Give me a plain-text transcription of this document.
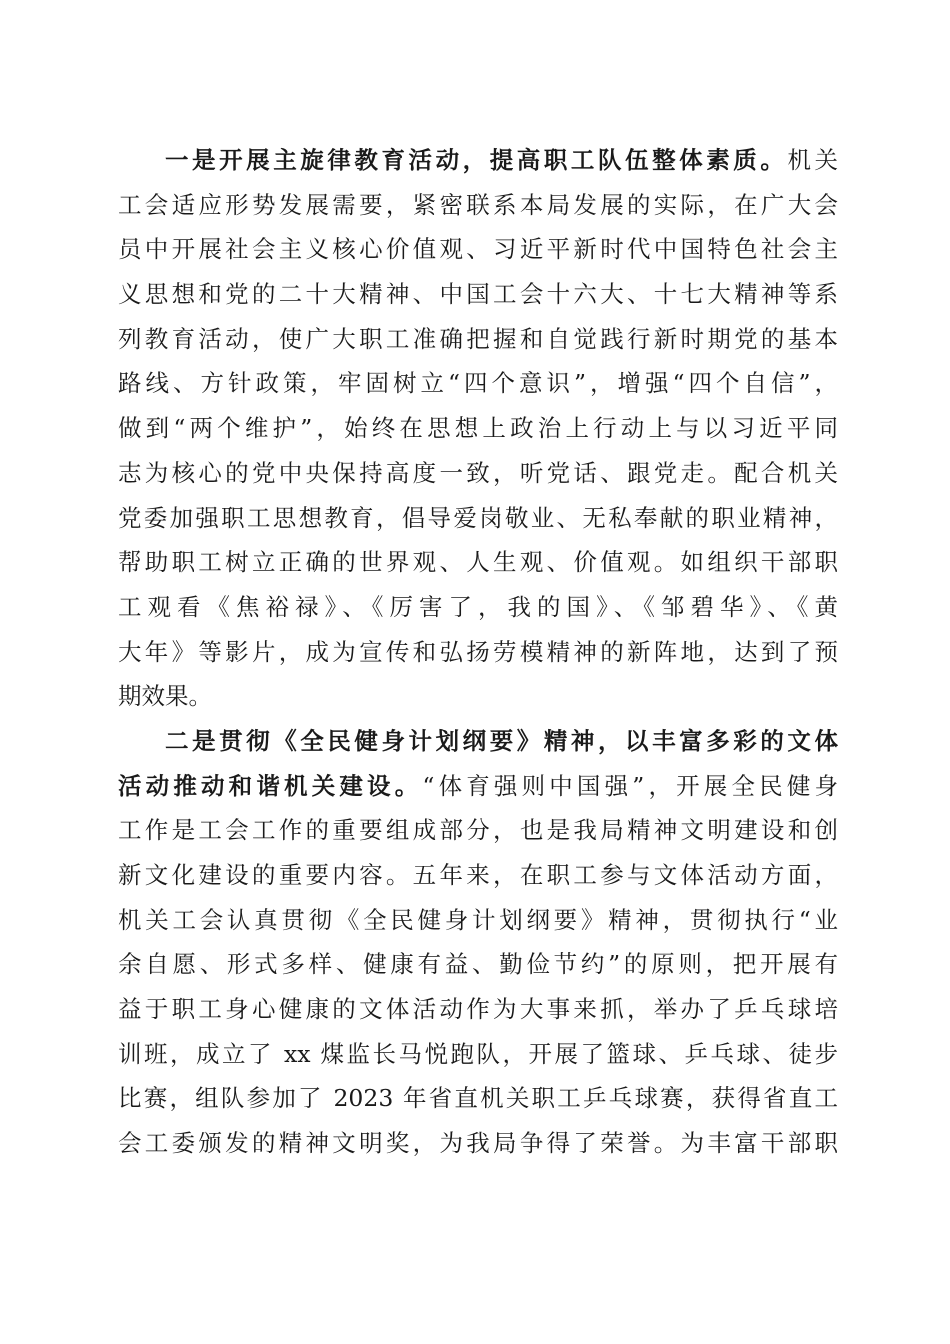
一是开展主旋律教育活动，提高职工队伍整体素质。机关
工会适应形势发展需要，紧密联系本局发展的实际，在广大会
员中开展社会主义核心价值观、习近平新时代中国特色社会主
义思想和党的二十大精神、中国工会十六大、十七大精神等系
列教育活动，使广大职工准确把握和自觉践行新时期党的基本
路线、方针政策，牢固树立“四个意识”，增强“四个自信”，
做到“两个维护”，始终在思想上政治上行动上与以习近平同
志为核心的党中央保持高度一致，听党话、跟党走。配合机关
党委加强职工思想教育，倡导爱岗敬业、无私奉献的职业精神，
帮助职工树立正确的世界观、人生观、价值观。如组织干部职
工观看《焦裕禄》、《厉害了，我的国》、《邹碧华》、《黄
大年》等影片，成为宣传和弘扬劳模精神的新阵地，达到了预
期效果。
二是贯彻《全民健身计划纲要》精神，以丰富多彩的文体
活动推动和谐机关建设。“体育强则中国强”，开展全民健身
工作是工会工作的重要组成部分，也是我局精神文明建设和创
新文化建设的重要内容。五年来，在职工参与文体活动方面，
机关工会认真贯彻《全民健身计划纲要》精神，贯彻执行“业
余自愿、形式多样、健康有益、勤俭节约”的原则，把开展有
益于职工身心健康的文体活动作为大事来抓，举办了乒乓球培
训班，成立了 xx 煤监长马悦跑队，开展了篮球、乒乓球、徒步
比赛，组队参加了 2023 年省直机关职工乒乓球赛，获得省直工
会工委颁发的精神文明奖，为我局争得了荣誉。为丰富干部职
